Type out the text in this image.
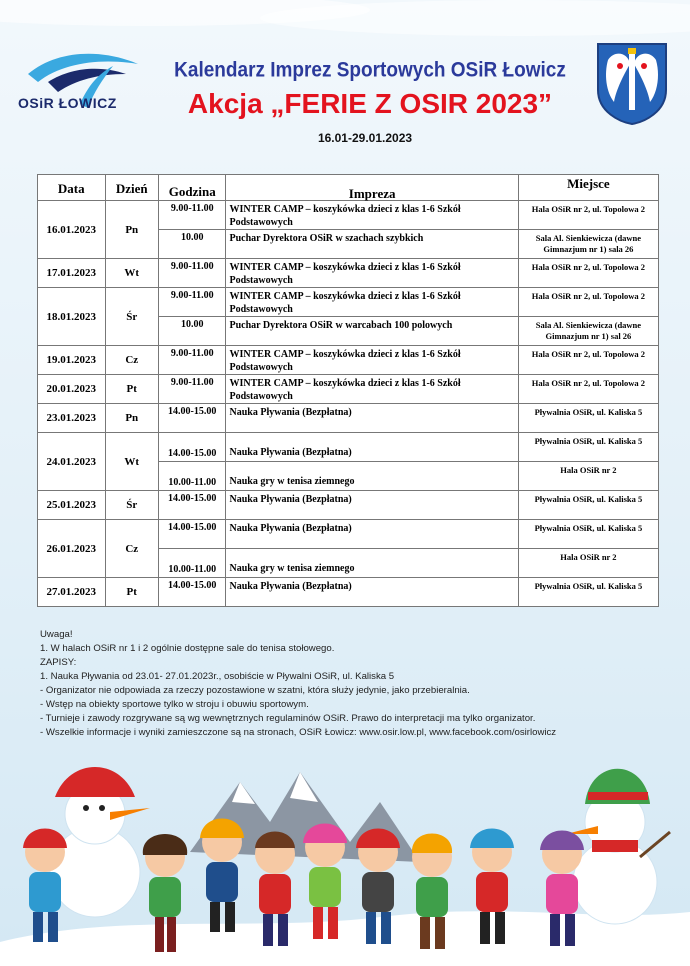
OSiR ŁOWICZ
Kalendarz Imprez Sportowych OSiR Łowicz
Akcja „FERIE Z OSIR 2023”
16.01-29.01.2023
Data	Dzień	Godzina	Impreza	Miejsce
16.01.2023	Pn	9.00-11.00	WINTER CAMP – koszykówka dzieci z klas 1-6 Szkół Podstawowych	Hala OSiR nr 2, ul. Topolowa 2
		10.00	Puchar Dyrektora OSiR w szachach szybkich	Sala Al. Sienkiewicza (dawne Gimnazjum nr 1) sala 26
17.01.2023	Wt	9.00-11.00	WINTER CAMP – koszykówka dzieci z klas 1-6 Szkół Podstawowych	Hala OSiR nr 2, ul. Topolowa 2
18.01.2023	Śr	9.00-11.00	WINTER CAMP – koszykówka dzieci z klas 1-6 Szkół Podstawowych	Hala OSiR nr 2, ul. Topolowa 2
		10.00	Puchar Dyrektora OSiR w warcabach 100 polowych	Sala Al. Sienkiewicza (dawne Gimnazjum nr 1) sal 26
19.01.2023	Cz	9.00-11.00	WINTER CAMP – koszykówka dzieci z klas 1-6 Szkół Podstawowych	Hala OSiR nr 2, ul. Topolowa 2
20.01.2023	Pt	9.00-11.00	WINTER CAMP – koszykówka dzieci z klas 1-6 Szkół Podstawowych	Hala OSiR nr 2, ul. Topolowa 2
23.01.2023	Pn	14.00-15.00	Nauka Pływania (Bezpłatna)	Pływalnia OSiR, ul. Kaliska 5
24.01.2023	Wt	14.00-15.00	Nauka Pływania (Bezpłatna)	Pływalnia OSiR, ul. Kaliska 5
		10.00-11.00	Nauka gry w tenisa ziemnego	Hala OSiR nr 2
25.01.2023	Śr	14.00-15.00	Nauka Pływania (Bezpłatna)	Pływalnia OSiR, ul. Kaliska 5
26.01.2023	Cz	14.00-15.00	Nauka Pływania (Bezpłatna)	Pływalnia OSiR, ul. Kaliska 5
		10.00-11.00	Nauka gry w tenisa ziemnego	Hala OSiR nr 2
27.01.2023	Pt	14.00-15.00	Nauka Pływania (Bezpłatna)	Pływalnia OSiR, ul. Kaliska 5
Uwaga!
1. W halach OSiR nr 1 i 2 ogólnie dostępne sale do tenisa stołowego.
ZAPISY:
1. Nauka Pływania od 23.01- 27.01.2023r., osobiście w Pływalni OSiR, ul. Kaliska 5
- Organizator nie odpowiada za rzeczy pozostawione w szatni, która służy jedynie, jako przebieralnia.
- Wstęp na obiekty sportowe tylko w stroju i obuwiu sportowym.
- Turnieje i zawody rozgrywane są wg wewnętrznych regulaminów OSiR. Prawo do interpretacji ma tylko organizator.
- Wszelkie informacje i wyniki zamieszczone są na stronach, OSiR Łowicz: www.osir.low.pl, www.facebook.com/osirlowicz
